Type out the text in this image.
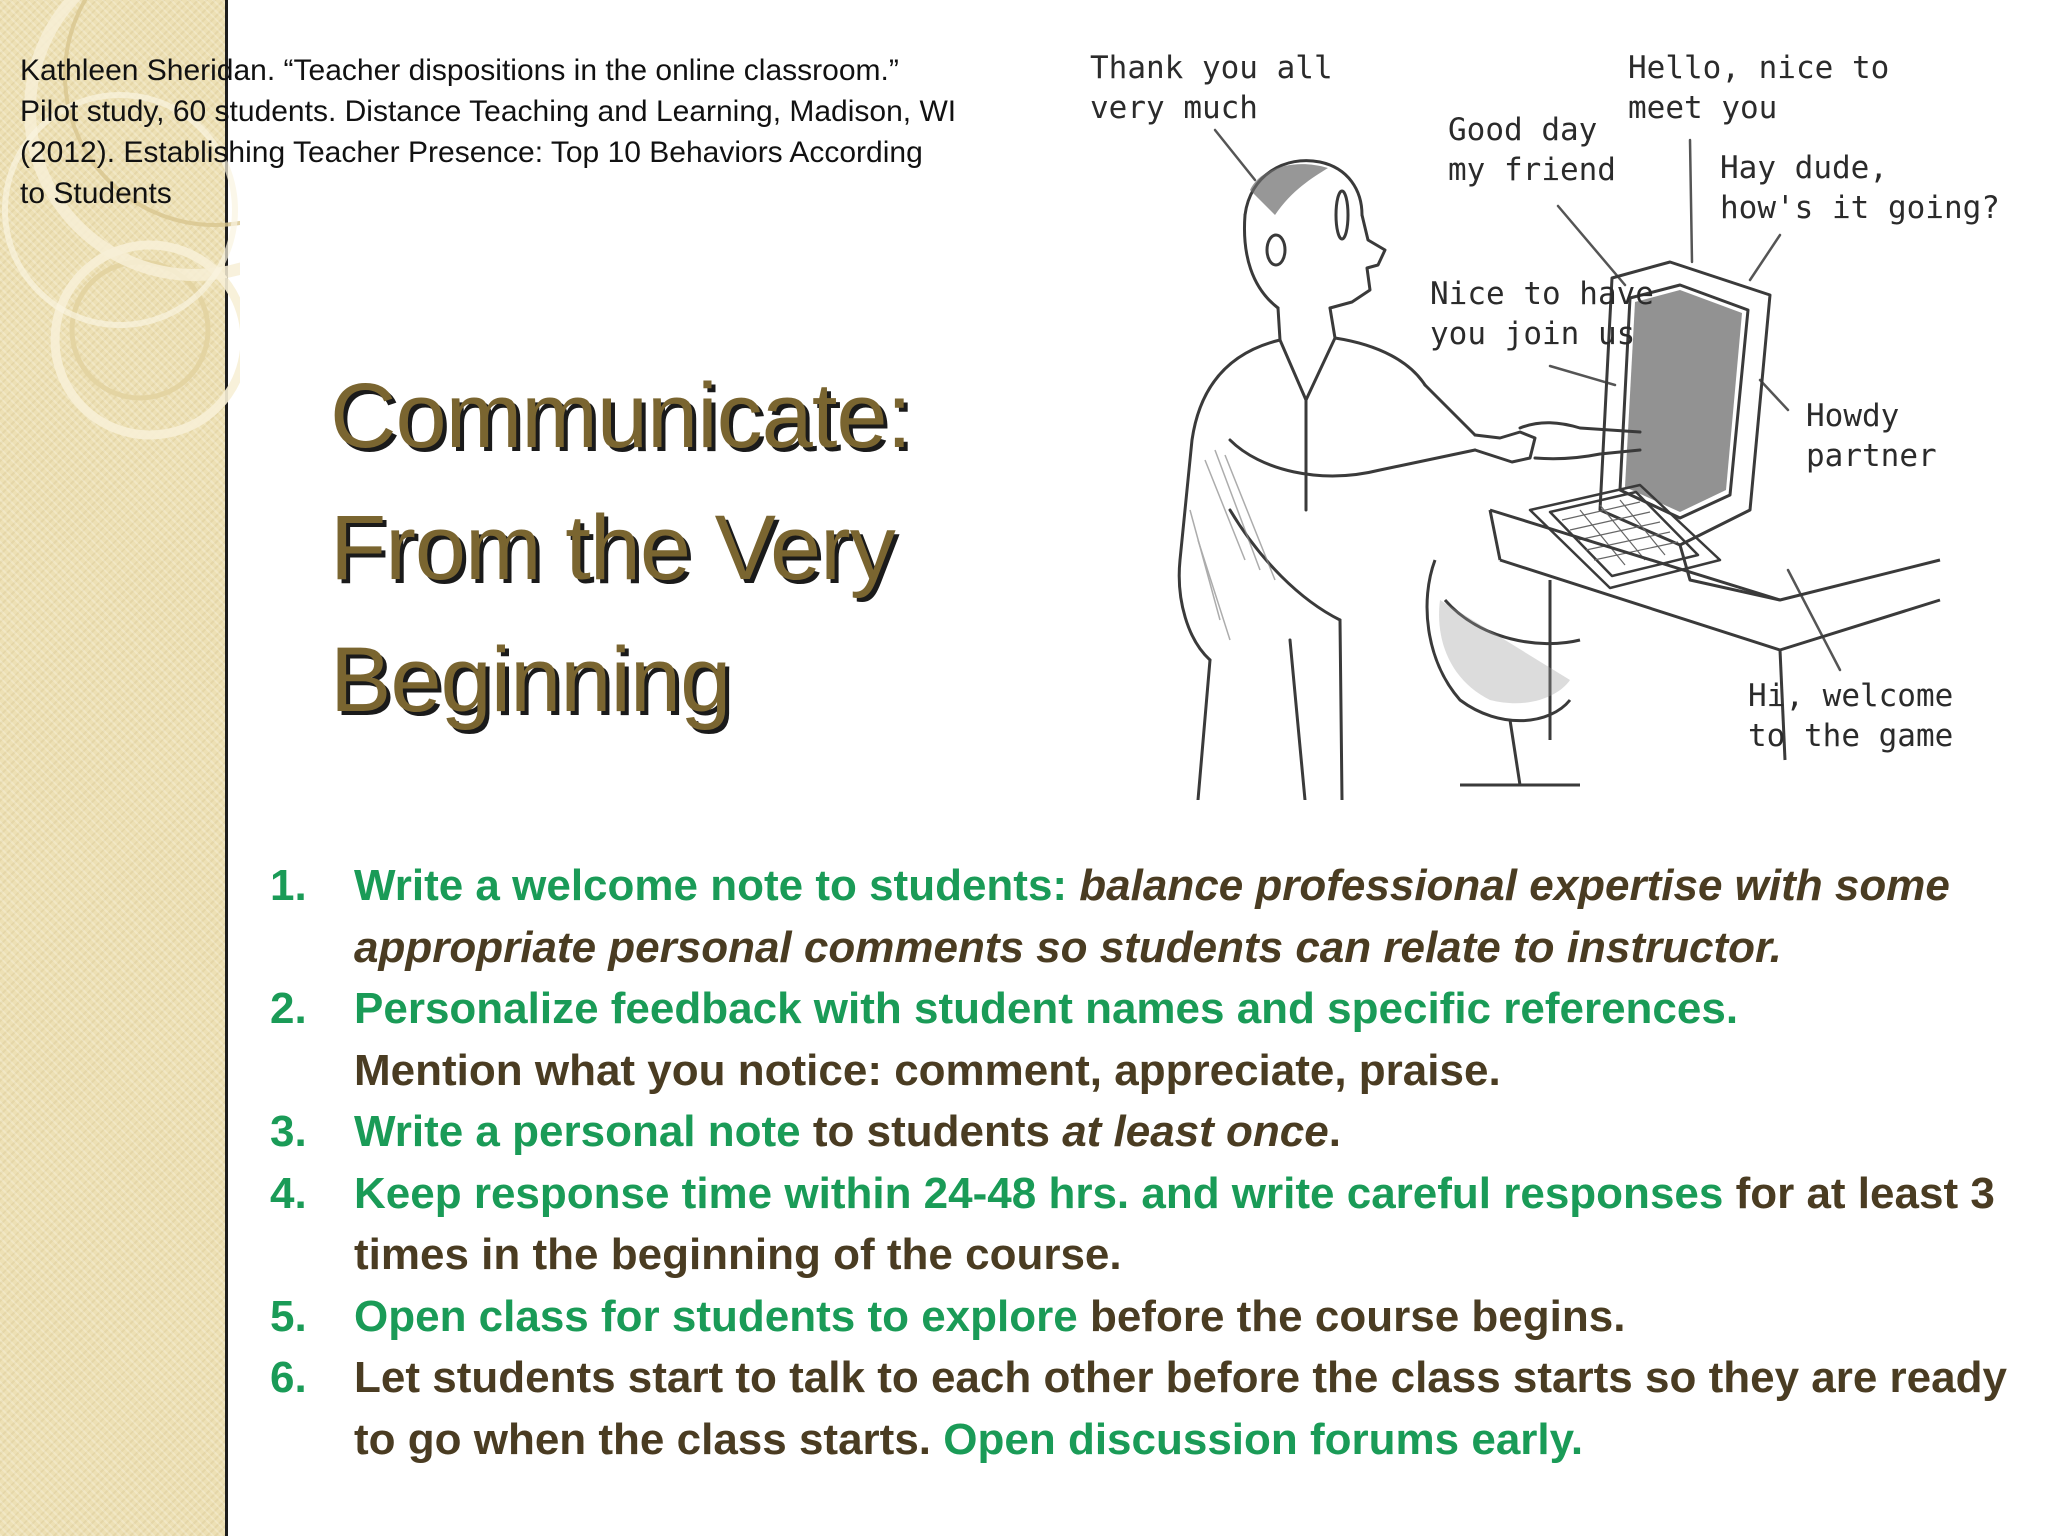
Kathleen Sheridan. “Teacher dispositions in the online classroom.”
Pilot study, 60 students. Distance Teaching and Learning, Madison, WI
(2012). Establishing Teacher Presence: Top 10 Behaviors According
to Students
Communicate:
From the Very
Beginning
Thank you all
very much
Good day
my friend
Hello, nice to
meet you
Hay dude,
how's it going?
Nice to have
you join us
Howdy
partner
Hi, welcome
to the game
1.	Write a welcome note to students: balance professional expertise with some appropriate personal comments so students can relate to instructor.
2.	Personalize feedback with student names and specific references.
Mention what you notice: comment, appreciate, praise.
3.	Write a personal note to students at least once.
4.	Keep response time within 24-48 hrs. and write careful responses for at least 3 times in the beginning of the course.
5.	Open class for students to explore before the course begins.
6.	Let students start to talk to each other before the class starts so they are ready to go when the class starts. Open discussion forums early.
